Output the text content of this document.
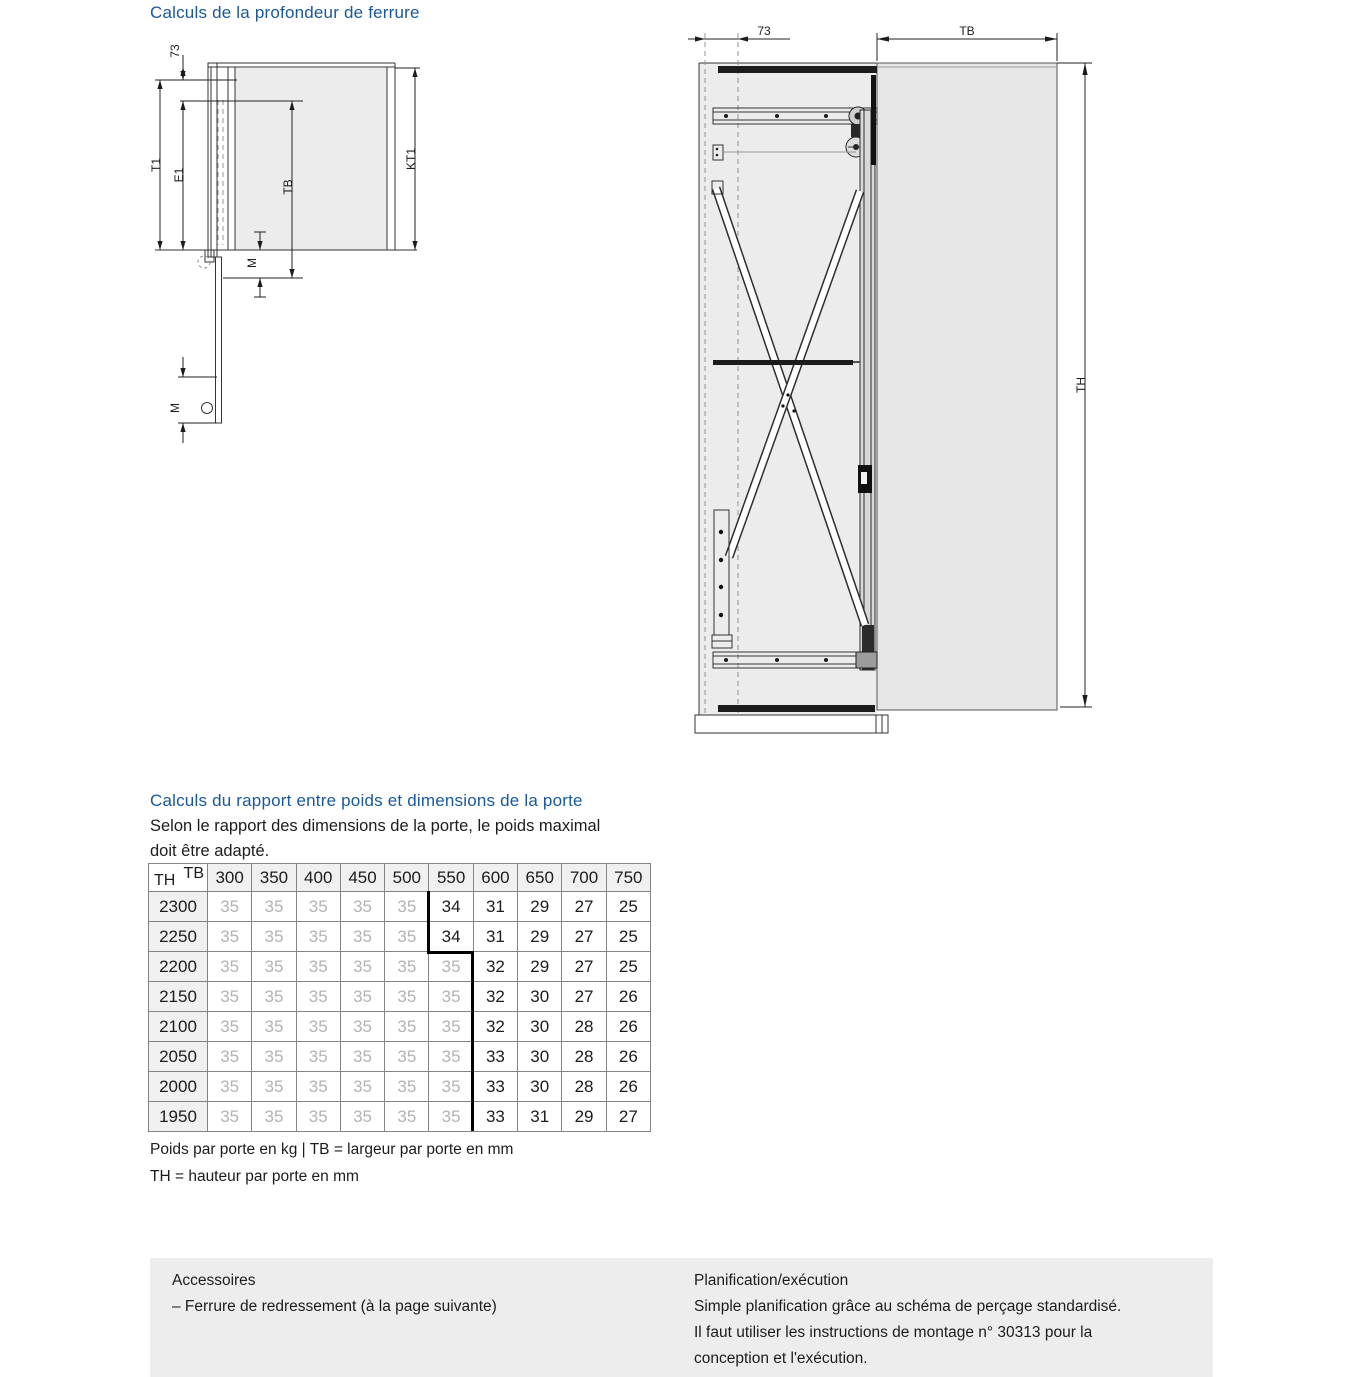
Calculs de la profondeur de ferrure
73
T1
E1
TB
KT1
M
M
73	TB
TH
Calculs du rapport entre poids et dimensions de la porte
Selon le rapport des dimensions de la porte, le poids maximal
doit être adapté.
TH TB 300 350 400 450 500 550 600 650 700 750
2300	35	35	35	35	35	34	31	29	27	25
2250	35	35	35	35	35	34	31	29	27	25
2200	35	35	35	35	35	35	32	29	27	25
2150	35	35	35	35	35	35	32	30	27	26
2100	35	35	35	35	35	35	32	30	28	26
2050	35	35	35	35	35	35	33	30	28	26
2000	35	35	35	35	35	35	33	30	28	26
1950	35	35	35	35	35	35	33	31	29	27
Poids par porte en kg | TB = largeur par porte en mm
TH = hauteur par porte en mm
Accessoires
– Ferrure de redressement (à la page suivante)
Planification/exécution
Simple planification grâce au schéma de perçage standardisé.
Il faut utiliser les instructions de montage n° 30313 pour la
conception et l'exécution.
